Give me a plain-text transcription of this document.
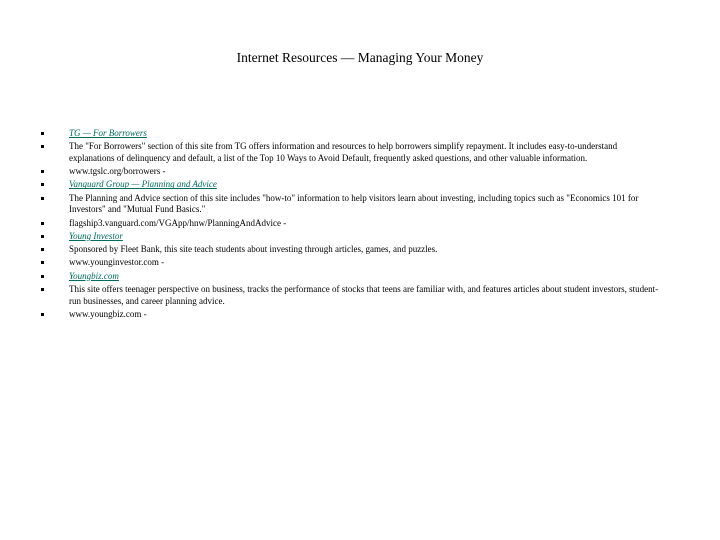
Internet Resources — Managing Your Money
TG — For Borrowers
The "For Borrowers" section of this site from TG offers information and resources to help borrowers simplify repayment. It includes easy-to-understand explanations of delinquency and default, a list of the Top 10 Ways to Avoid Default, frequently asked questions, and other valuable information.
www.tgslc.org/borrowers -
Vanguard Group — Planning and Advice
The Planning and Advice section of this site includes "how-to" information to help visitors learn about investing, including topics such as "Economics 101 for Investors" and "Mutual Fund Basics."
flagship3.vanguard.com/VGApp/hnw/PlanningAndAdvice -
Young Investor
Sponsored by Fleet Bank, this site teach students about investing through articles, games, and puzzles.
www.younginvestor.com -
Youngbiz.com
This site offers teenager perspective on business, tracks the performance of stocks that teens are familiar with, and features articles about student investors, student-run businesses, and career planning advice.
www.youngbiz.com -
